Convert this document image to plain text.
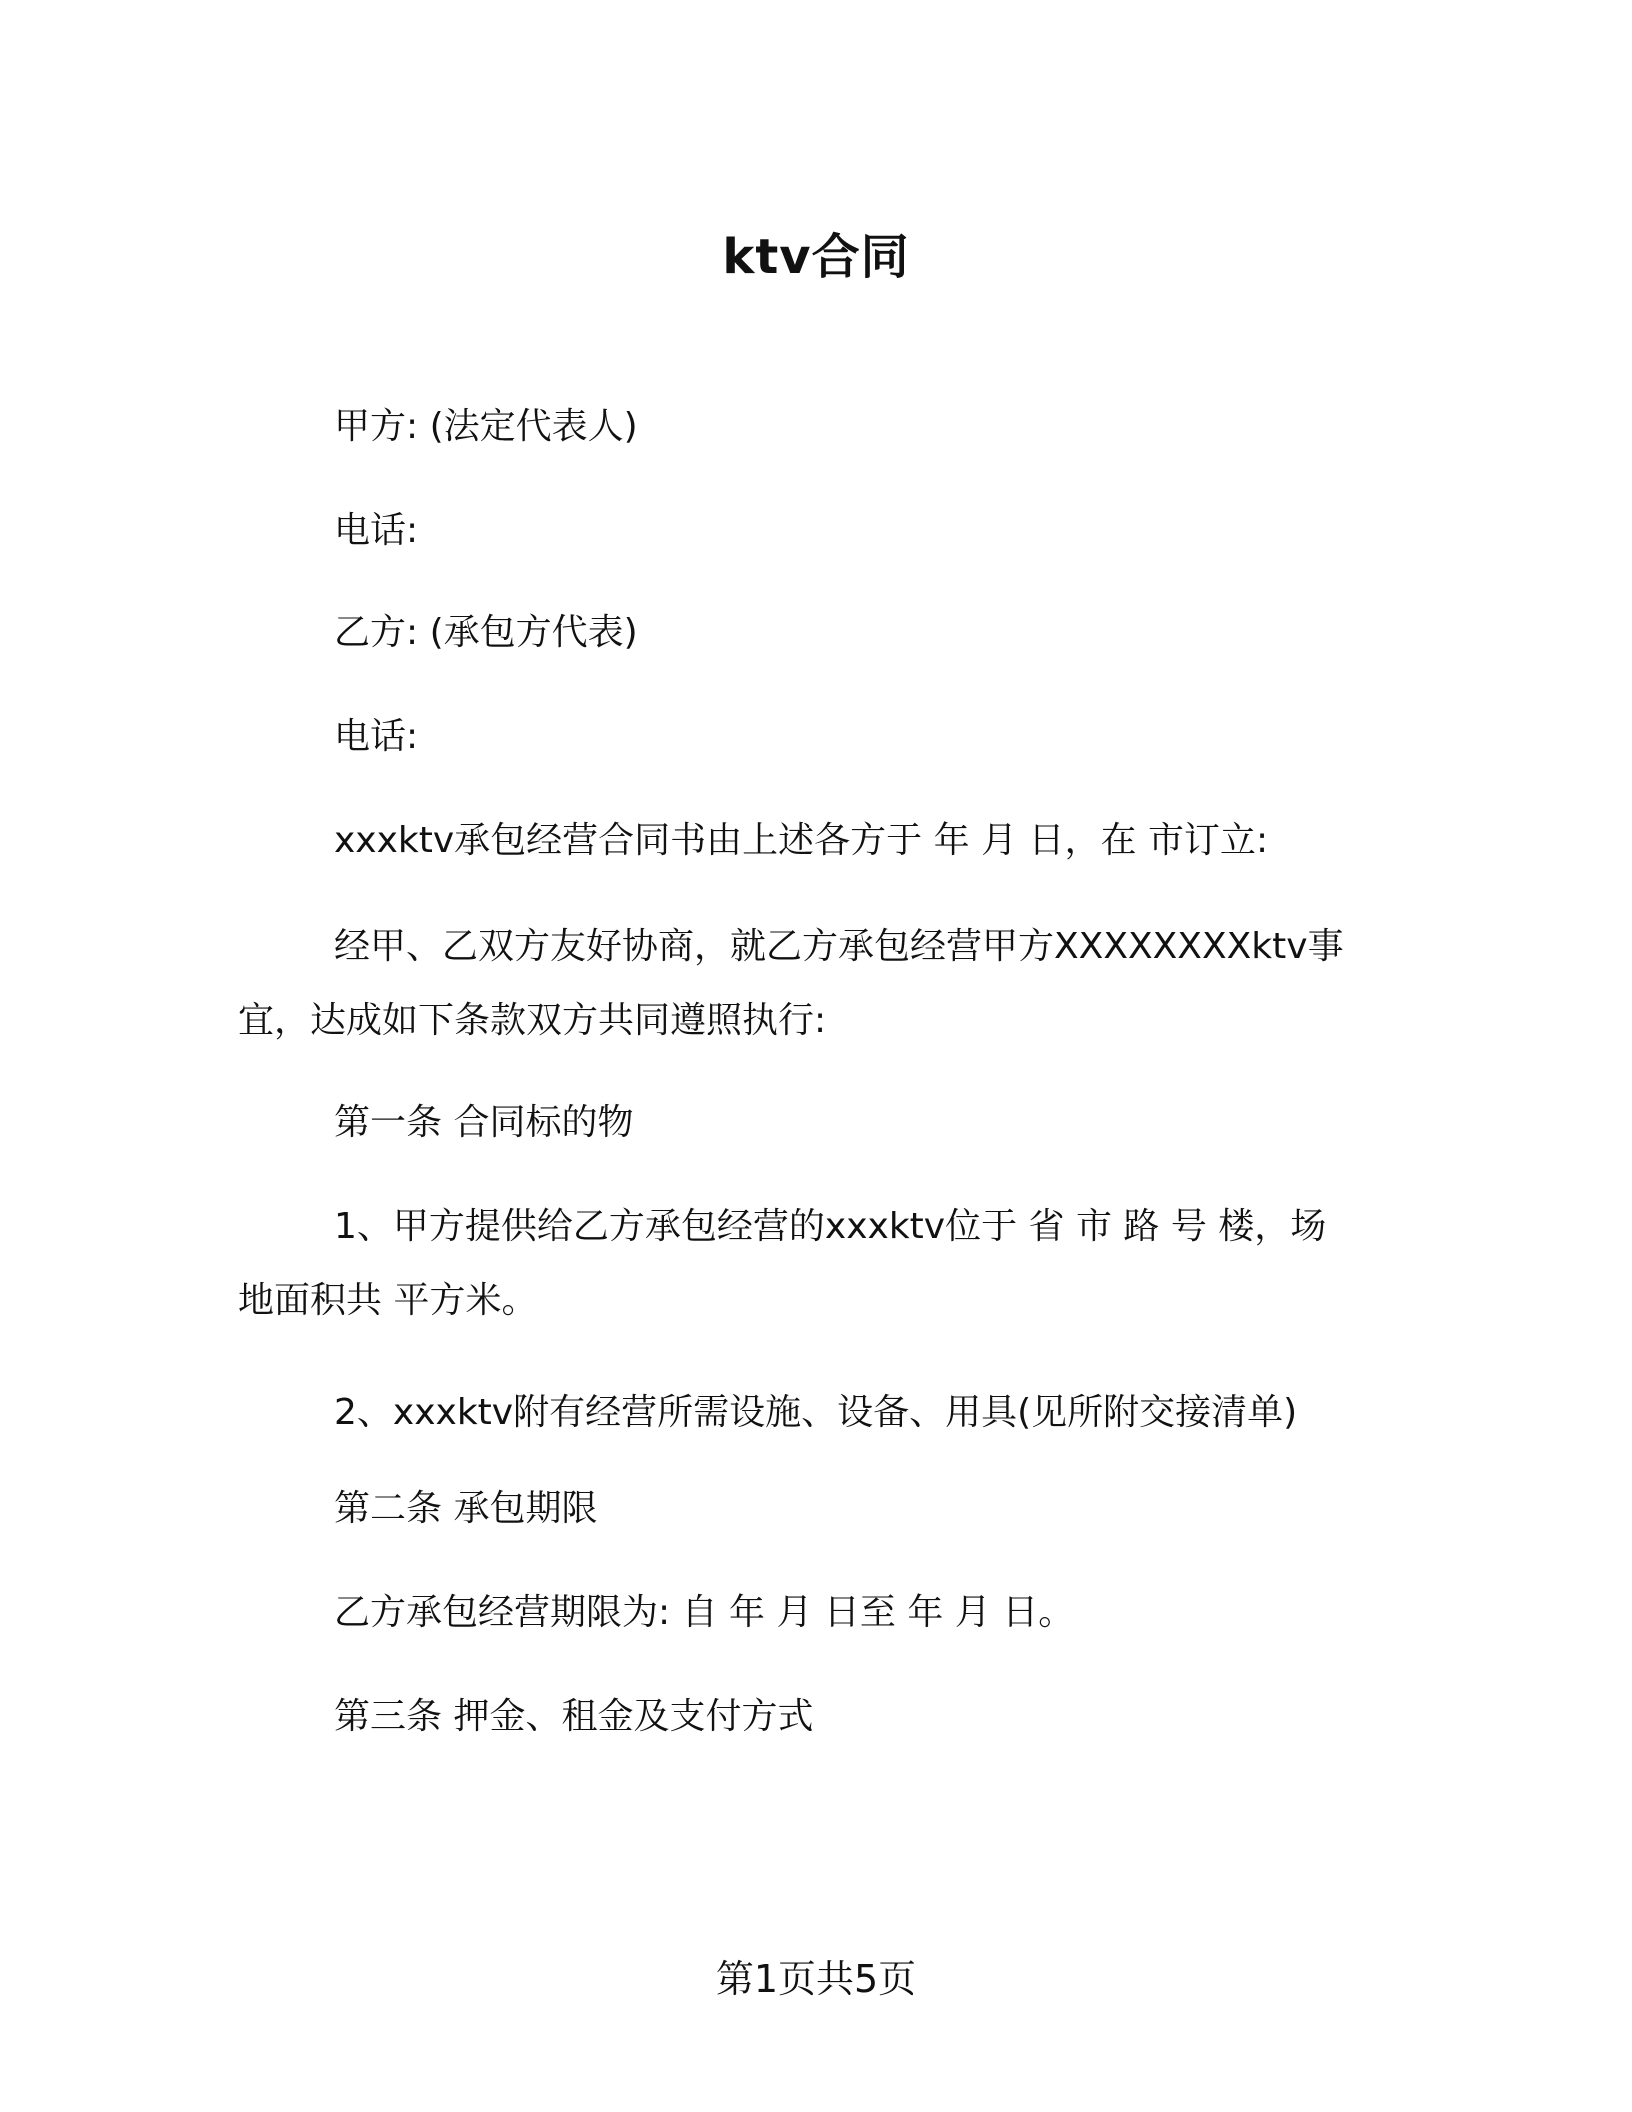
ktv合同
甲方: (法定代表人)
电话:
乙方: (承包方代表)
电话:
xxxktv承包经营合同书由上述各方于 年 月 日，在 市订立:
经甲、乙双方友好协商，就乙方承包经营甲方XXXXXXXXktv事
宜，达成如下条款双方共同遵照执行:
第一条 合同标的物
1、甲方提供给乙方承包经营的xxxktv位于 省 市 路 号 楼，场
地面积共 平方米。
2、xxxktv附有经营所需设施、设备、用具(见所附交接清单)
第二条 承包期限
乙方承包经营期限为: 自 年 月 日至 年 月 日。
第三条 押金、租金及支付方式
第1页共5页
